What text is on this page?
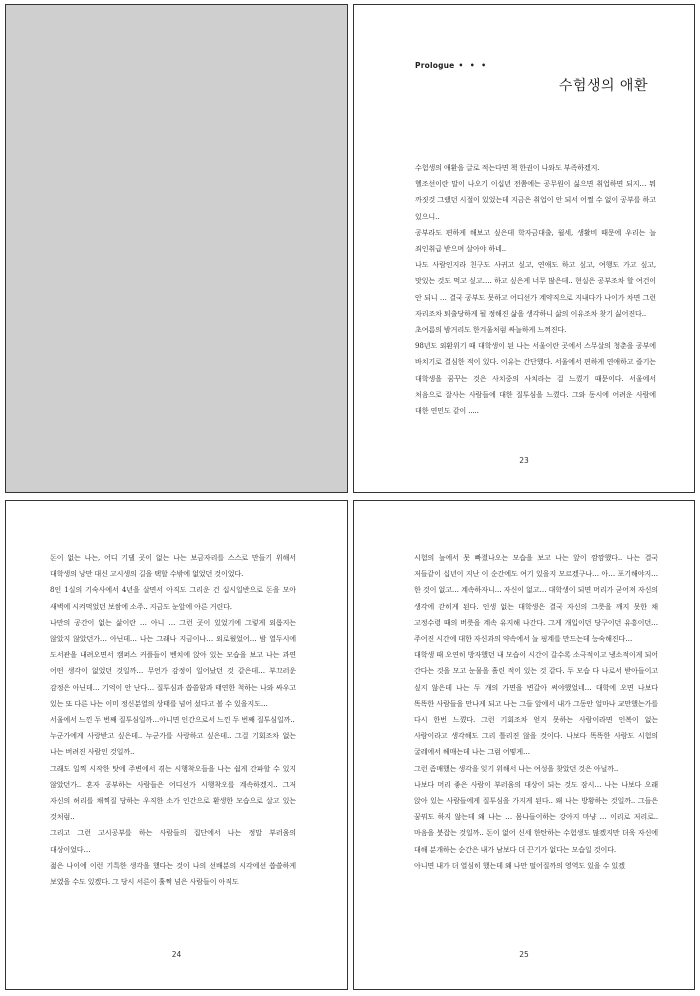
Prologue • • •
수험생의 애환

수험생의 애환을 글로 적는다면 책 한권이 나와도 부족하겠지.

헬조선이란 말이 나오기 이십년 전쯤에는 공무원이 싫으면 취업하면 되지… 뭐 까짓것 그랬던 시절이 있었는데 지금은 취업이 안 되서 어쩔 수 없이 공부를 하고 있으니..

공부라도 편하게 해보고 싶은데 학자금대출, 월세, 생활비 때문에 우리는 늘 죄인취급 받으며 살아야 하네..

나도 사람인지라 친구도 사귀고 싶고, 연애도 하고 싶고, 여행도 가고 싶고, 맛있는 것도 먹고 싶고…. 하고 싶은게 너무 많은데.. 현실은 공부조차 할 여건이 안 되니 … 결국 공부도 못하고 어디선가 계약직으로 지내다가 나이가 차면 그런 자리조차 퇴출당하게 될 정해진 삶을 생각하니 삶의 이유조차 찾기 싫어진다..

초여름의 밤거리도 한겨울처럼 싸늘하게 느껴진다.

98년도 외환위기 때 대학생이 된 나는 서울이란 곳에서 스무살의 청춘을 공부에 바치기로 결심한 적이 있다. 이유는 간단했다. 서울에서 편하게 연애하고 즐기는 대학생을 꿈꾸는 것은 사치중의 사치라는 걸 느꼈기 때문이다. 서울에서 처음으로 잘사는 사람들에 대한 질투심을 느꼈다. 그와 동시에 어려운 사람에 대한 연민도 같이 .....

23

돈이 없는 나는, 어디 기댈 곳이 없는 나는 보금자리를 스스로 만들기 위해서 대학생의 낭만 대신 고시생의 길을 택할 수밖에 없었던 것이었다.

8인 1실의 기숙사에서 4년을 살면서 아직도 그리운 건 십시일반으로 돈을 모아 새벽에 시켜먹었던 보쌈에 소주.. 지금도 눈앞에 아른 거린다.

나만의 공간이 없는 삶이란 … 아니 … 그런 곳이 있었기에 그렇게 외롭지는 않았지 않았던가… 아닌데… 나는 그래나 지금이나… 외로웠었어… 밤 열두시에 도서관을 내려오면서 캠퍼스 커플들이 벤치에 앉아 있는 모습을 보고 나는 과연 어떤 생각이 없었던 것일까… 무언가 감정이 일어났던 것 같은데… 부끄러운 감정은 아닌데… 기억이 안 난다… 질투심과 씁쓸함과 태연한 척하는 나와 싸우고 있는 또 다른 나는 이미 정신분열의 상태를 넘어 섰다고 볼 수 있을지도…

서울에서 느낀 두 번째 질투심일까…아니면 인간으로서 느낀 두 번째 질투심일까..

누군가에게 사랑받고 싶은데.. 누군가를 사랑하고 싶은데.. 그걸 기회조차 없는 나는 버려진 사람인 것일까..

그래도 일찍 시작한 탓에 주변에서 겪는 시행착오들을 나는 쉽게 간파할 수 있지 않았던가.. 혼자 공부하는 사람들은 어디선가 시행착오를 계속하겠지.. 그저 자신의 허리를 채찍질 당하는 우직한 소가 인간으로 환생한 모습으로 살고 있는 것처럼..

그리고 그런 고시공부를 하는 사람들의 집단에서 나는 정말 부러움의 대상이었다…

젊은 나이에 이런 기특한 생각을 했다는 것이 나의 선배분의 시각에선 씁쓸하게 보였을 수도 있겠다. 그 당시 서른이 훌쩍 넘은 사람들이 아직도

24

시험의 늪에서 못 빠졌나오는 모습을 보고 나는 앞이 깜깜했다.. 나는 결국 저들같이 십년이 지난 이 순간에도 여기 있을지 모르겠구나… 아… 포기해야지… 한 것이 없고… 계속하자니… 자신이 없고… 대학생이 되면 머리가 굳어져 자신의 생각에 갇히게 된다. 인생 없는 대학생은 결국 자신의 그릇을 깨지 못한 채 고정수령 때의 버릇을 계속 유지해 나간다. 그게 개입이던 당구이던 유흥이던… 주어진 시간에 대한 자신과의 약속에서 늘 핑계를 만드는데 능숙해진다…

대학생 때 오연히 방자했던 내 모습이 시간이 갈수록 소극적이고 냉소적이게 되어 간다는 것을 모고 눈물을 흘린 적이 있는 것 같다. 두 모습 다 나로서 받아들이고 싶지 않은데 나는 두 개의 가면을 변갈아 써야했었네… 대학에 오면 나보다 똑똑한 사람들을 만나게 되고 나는 그들 앞에서 내가 그동안 얼마나 교만했는가를 다시 한번 느꼈다. 그런 기회조차 얻지 못하는 사람이라면 인복이 없는 사람이라고 생각해도 그리 틀리진 않을 것이다. 나보다 똑똑한 사람도 시험의 굴레에서 헤매는데 나는 그럼 어떻게…

그런 좀매했는 생각을 잊기 위해서 나는 여성을 찾았던 것은 아닐까..

나보다 머리 좋은 사람이 부러움의 대상이 되는 것도 잠시… 나는 나보다 오래 앉아 있는 사람들에게 질투심을 가지게 된다.. 왜 나는 방황하는 것일까.. 그들은 꿈꿔도 하지 않는데 왜 나는 … 몸나들이하는 강아지 마냥 … 이리로 저리로.. 마음을 붓잡는 것일까.. 돈이 없어 신세 한탄하는 수험생도 많겠지만 더욱 자신에 대해 분개하는 순간은 내가 남보다 더 끈기가 없다는 모습일 것이다.

아니면 내가 더 열심히 했는데 왜 나만 떨어질까의 영역도 있을 수 있겠

25
